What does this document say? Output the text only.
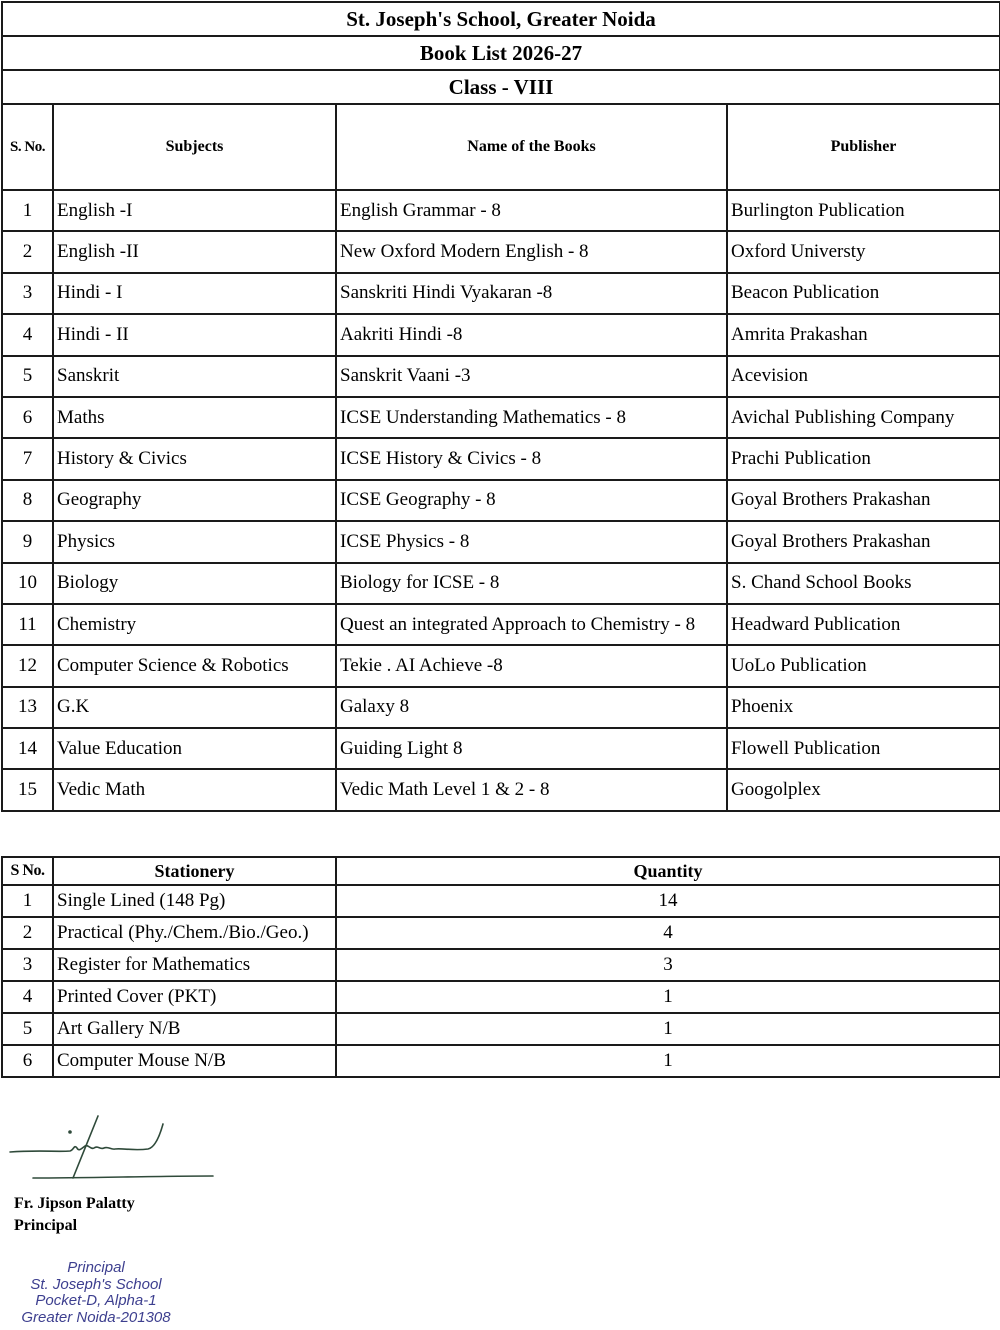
St. Joseph's School, Greater Noida			
Book List 2026-27			
Class - VIII			
S. No.	Subjects	Name of the Books	Publisher
1	English -I	English Grammar - 8	Burlington Publication
2	English -II	New Oxford Modern English - 8	Oxford Universty
3	Hindi - I	Sanskriti Hindi Vyakaran -8	Beacon Publication
4	Hindi - II	Aakriti Hindi -8	Amrita Prakashan
5	Sanskrit	Sanskrit Vaani -3	Acevision
6	Maths	ICSE Understanding Mathematics - 8	Avichal Publishing Company
7	History & Civics	ICSE History & Civics - 8	Prachi Publication
8	Geography	ICSE Geography - 8	Goyal Brothers Prakashan
9	Physics	ICSE Physics - 8	Goyal Brothers Prakashan
10	Biology	Biology for ICSE - 8	S. Chand School Books
11	Chemistry	Quest an integrated Approach to Chemistry - 8	Headward Publication
12	Computer Science & Robotics	Tekie . AI Achieve -8	UoLo Publication
13	G.K	Galaxy 8	Phoenix
14	Value Education	Guiding Light 8	Flowell Publication
15	Vedic Math	Vedic Math Level 1 & 2 - 8	Googolplex
S No.	Stationery	Quantity
1	Single Lined (148 Pg)	14
2	Practical (Phy./Chem./Bio./Geo.)	4
3	Register for Mathematics	3
4	Printed Cover (PKT)	1
5	Art Gallery N/B	1
6	Computer Mouse N/B	1
Fr. Jipson Palatty
Principal
Principal
St. Joseph's School
Pocket-D, Alpha-1
Greater Noida-201308
